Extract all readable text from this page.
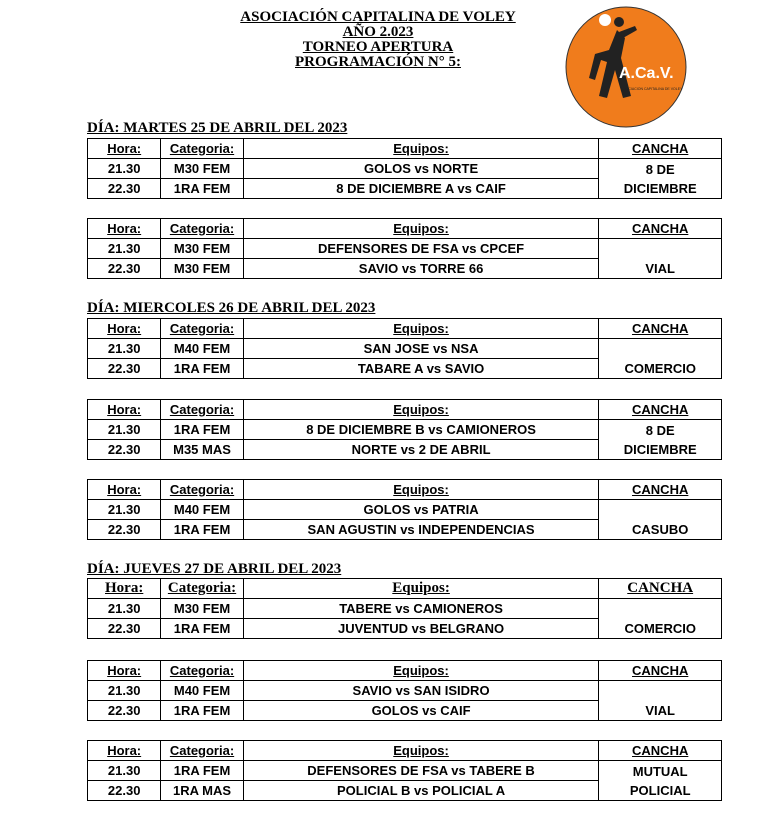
ASOCIACIÓN CAPITALINA DE VOLEY
AÑO 2.023
TORNEO APERTURA
PROGRAMACIÓN N° 5:
A.Ca.V.
ASOCIACION CAPITALINA DE VOLEY
DÍA: MARTES 25 DE ABRIL DEL 2023
Hora:	Categoria:	Equipos:	CANCHA
21.30	M30 FEM	GOLOS vs NORTE	8 DE
DICIEMBRE
22.30	1RA FEM	8 DE DICIEMBRE A vs CAIF	
Hora:	Categoria:	Equipos:	CANCHA
21.30	M30 FEM	DEFENSORES DE FSA vs CPCEF	VIAL
22.30	M30 FEM	SAVIO vs TORRE 66	
DÍA: MIERCOLES 26 DE ABRIL DEL 2023
Hora:	Categoria:	Equipos:	CANCHA
21.30	M40 FEM	SAN JOSE vs NSA	COMERCIO
22.30	1RA FEM	TABARE A vs SAVIO	
Hora:	Categoria:	Equipos:	CANCHA
21.30	1RA FEM	8 DE DICIEMBRE B vs CAMIONEROS	8 DE
DICIEMBRE
22.30	M35 MAS	NORTE vs 2 DE ABRIL	
Hora:	Categoria:	Equipos:	CANCHA
21.30	M40 FEM	GOLOS vs PATRIA	CASUBO
22.30	1RA FEM	SAN AGUSTIN vs INDEPENDENCIAS	
DÍA: JUEVES 27 DE ABRIL DEL 2023
Hora:	Categoria:	Equipos:	CANCHA
21.30	M30 FEM	TABERE vs CAMIONEROS	COMERCIO
22.30	1RA FEM	JUVENTUD vs BELGRANO	
Hora:	Categoria:	Equipos:	CANCHA
21.30	M40 FEM	SAVIO vs SAN ISIDRO	VIAL
22.30	1RA FEM	GOLOS vs CAIF	
Hora:	Categoria:	Equipos:	CANCHA
21.30	1RA FEM	DEFENSORES DE FSA vs TABERE B	MUTUAL
POLICIAL
22.30	1RA MAS	POLICIAL B vs POLICIAL A	
